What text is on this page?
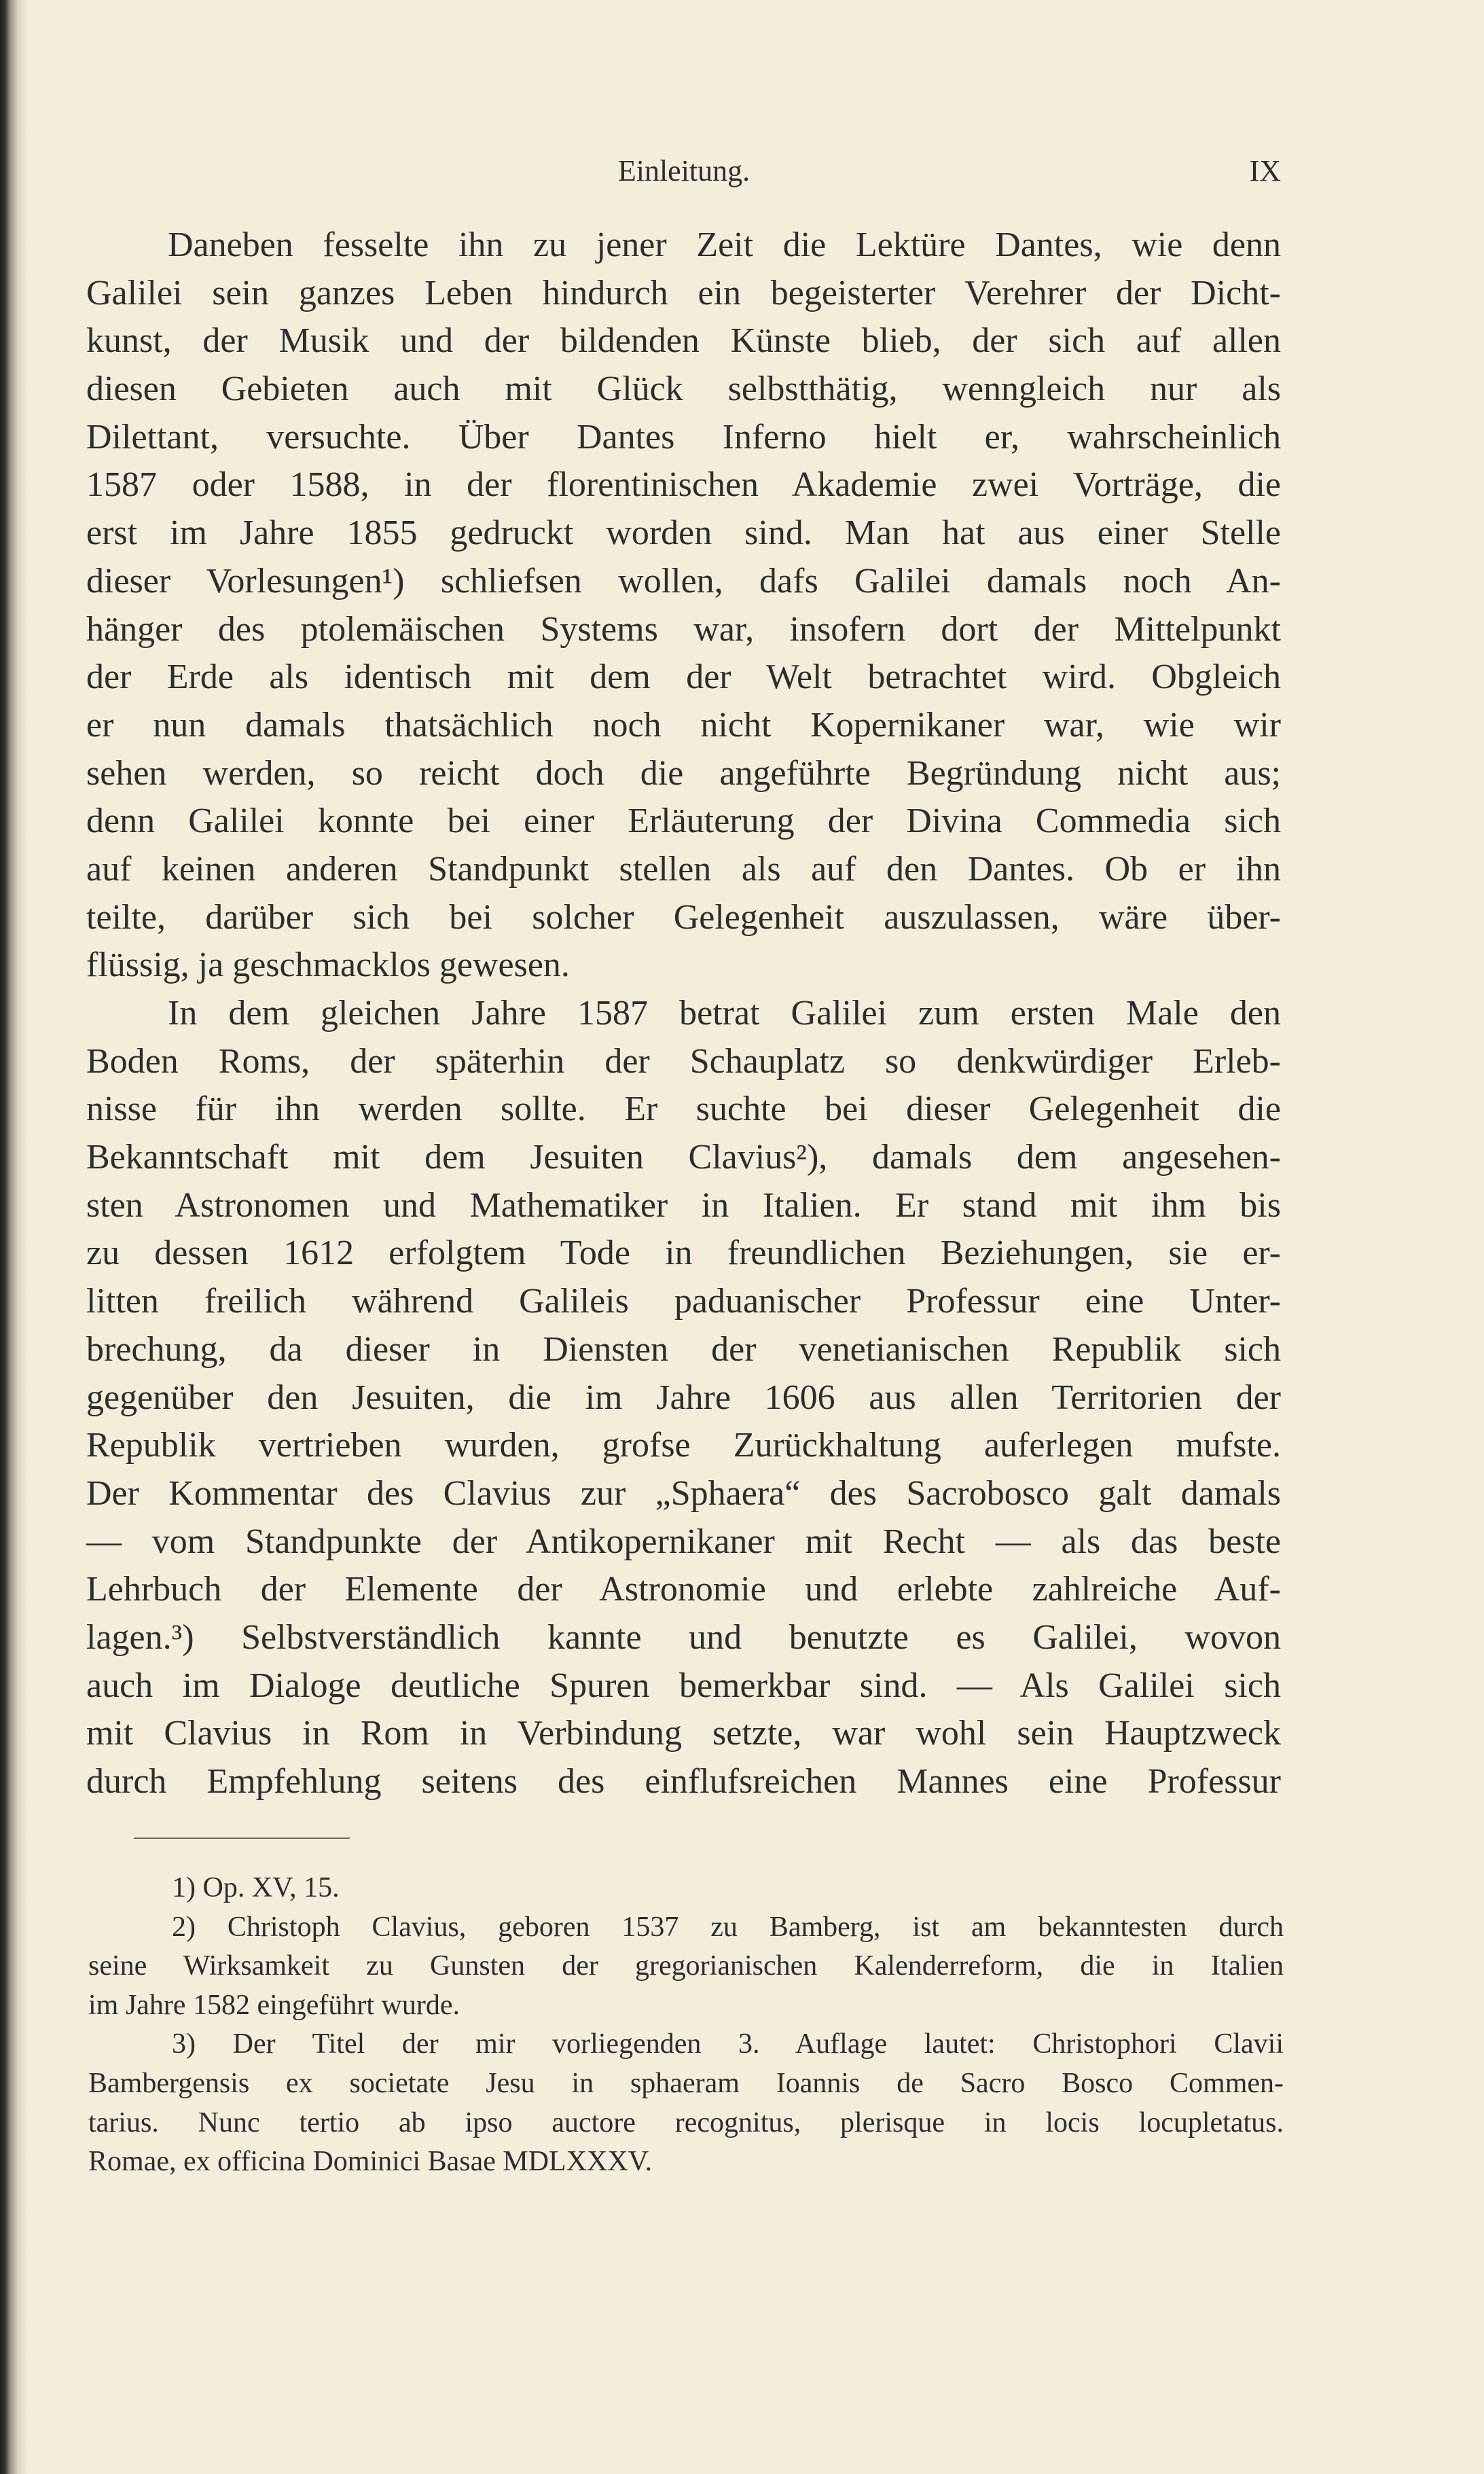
Einleitung.	IX
Daneben fesselte ihn zu jener Zeit die Lektüre Dantes, wie denn
Galilei sein ganzes Leben hindurch ein begeisterter Verehrer der Dicht-
kunst, der Musik und der bildenden Künste blieb, der sich auf allen
diesen Gebieten auch mit Glück selbstthätig, wenngleich nur als
Dilettant, versuchte. Über Dantes Inferno hielt er, wahrscheinlich
1587 oder 1588, in der florentinischen Akademie zwei Vorträge, die
erst im Jahre 1855 gedruckt worden sind. Man hat aus einer Stelle
dieser Vorlesungen¹) schliefsen wollen, dafs Galilei damals noch An-
hänger des ptolemäischen Systems war, insofern dort der Mittelpunkt
der Erde als identisch mit dem der Welt betrachtet wird. Obgleich
er nun damals thatsächlich noch nicht Kopernikaner war, wie wir
sehen werden, so reicht doch die angeführte Begründung nicht aus;
denn Galilei konnte bei einer Erläuterung der Divina Commedia sich
auf keinen anderen Standpunkt stellen als auf den Dantes. Ob er ihn
teilte, darüber sich bei solcher Gelegenheit auszulassen, wäre über-
flüssig, ja geschmacklos gewesen.
In dem gleichen Jahre 1587 betrat Galilei zum ersten Male den
Boden Roms, der späterhin der Schauplatz so denkwürdiger Erleb-
nisse für ihn werden sollte. Er suchte bei dieser Gelegenheit die
Bekanntschaft mit dem Jesuiten Clavius²), damals dem angesehen-
sten Astronomen und Mathematiker in Italien. Er stand mit ihm bis
zu dessen 1612 erfolgtem Tode in freundlichen Beziehungen, sie er-
litten freilich während Galileis paduanischer Professur eine Unter-
brechung, da dieser in Diensten der venetianischen Republik sich
gegenüber den Jesuiten, die im Jahre 1606 aus allen Territorien der
Republik vertrieben wurden, grofse Zurückhaltung auferlegen mufste.
Der Kommentar des Clavius zur „Sphaera“ des Sacrobosco galt damals
— vom Standpunkte der Antikopernikaner mit Recht — als das beste
Lehrbuch der Elemente der Astronomie und erlebte zahlreiche Auf-
lagen.³) Selbstverständlich kannte und benutzte es Galilei, wovon
auch im Dialoge deutliche Spuren bemerkbar sind. — Als Galilei sich
mit Clavius in Rom in Verbindung setzte, war wohl sein Hauptzweck
durch Empfehlung seitens des einflufsreichen Mannes eine Professur
1) Op. XV, 15.
2) Christoph Clavius, geboren 1537 zu Bamberg, ist am bekanntesten durch
seine Wirksamkeit zu Gunsten der gregorianischen Kalenderreform, die in Italien
im Jahre 1582 eingeführt wurde.
3) Der Titel der mir vorliegenden 3. Auflage lautet: Christophori Clavii
Bambergensis ex societate Jesu in sphaeram Ioannis de Sacro Bosco Commen-
tarius. Nunc tertio ab ipso auctore recognitus, plerisque in locis locupletatus.
Romae, ex officina Dominici Basae MDLXXXV.
